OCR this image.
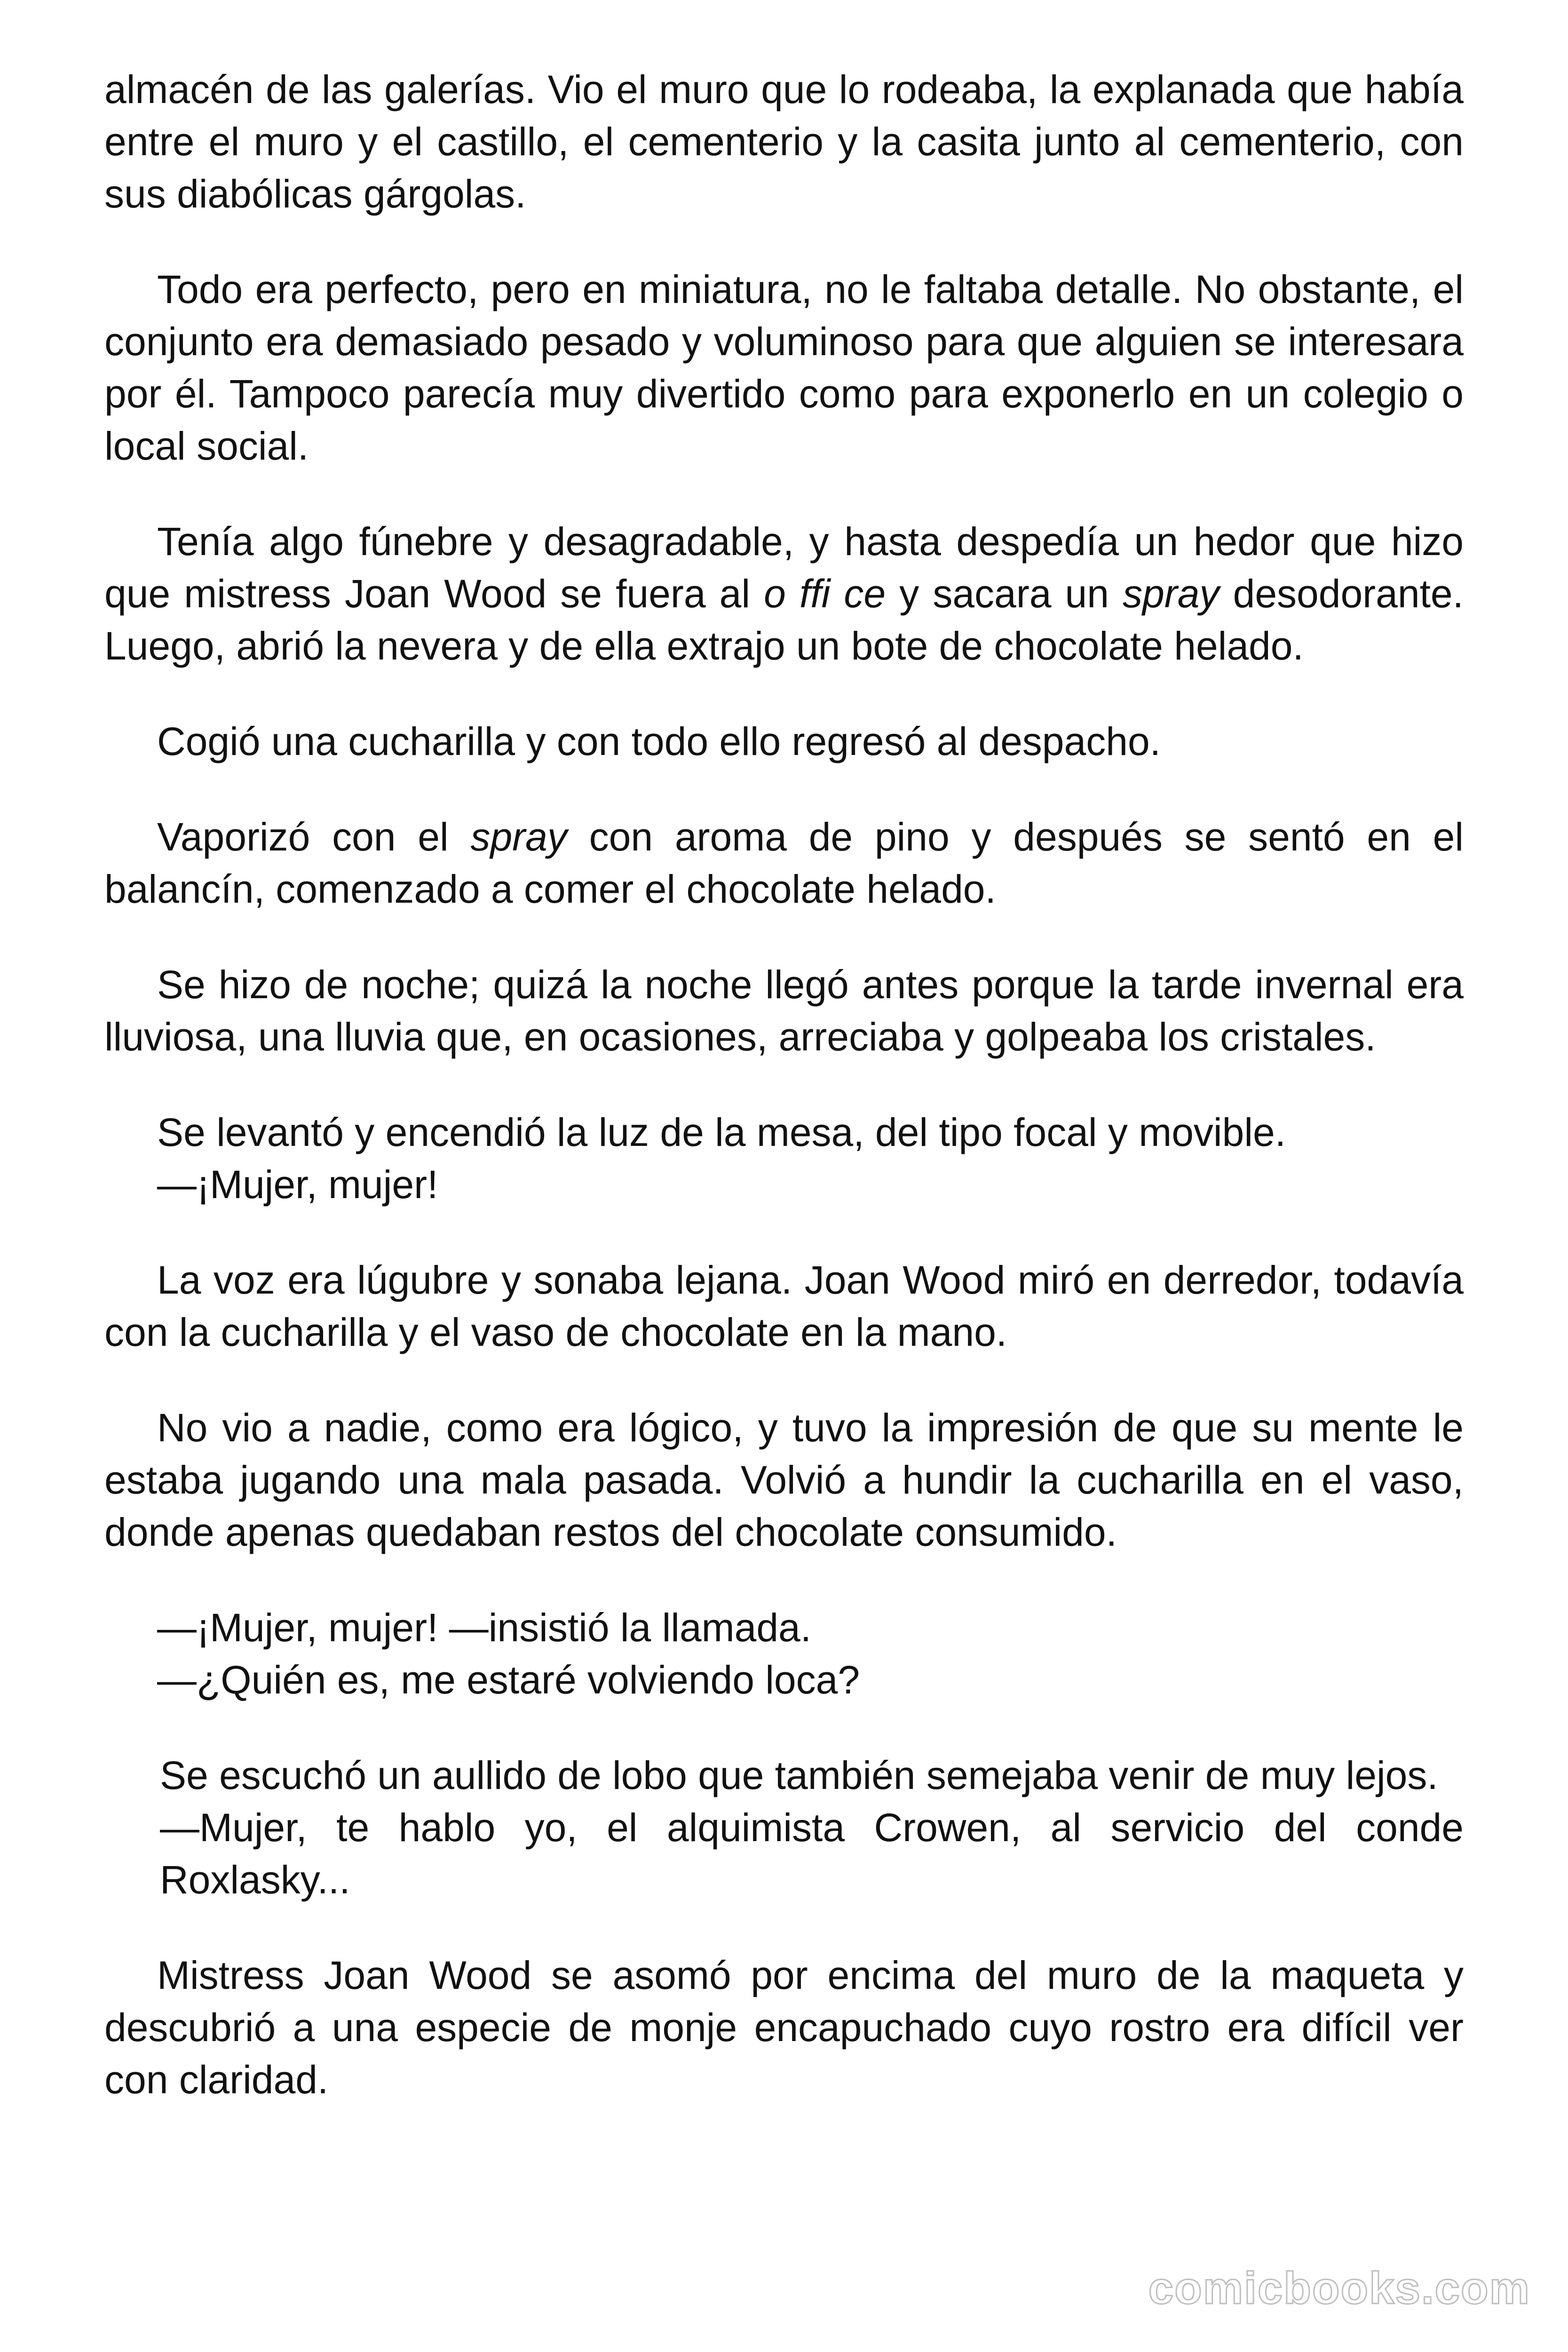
almacén de las galerías. Vio el muro que lo rodeaba, la explanada que había entre el muro y el castillo, el cementerio y la casita junto al cementerio, con sus diabólicas gárgolas.

Todo era perfecto, pero en miniatura, no le faltaba detalle. No obstante, el conjunto era demasiado pesado y voluminoso para que alguien se interesara por él. Tampoco parecía muy divertido como para exponerlo en un colegio o local social.

Tenía algo fúnebre y desagradable, y hasta despedía un hedor que hizo que mistress Joan Wood se fuera al o ffi ce y sacara un spray desodorante. Luego, abrió la nevera y de ella extrajo un bote de chocolate helado.

Cogió una cucharilla y con todo ello regresó al despacho.

Vaporizó con el spray con aroma de pino y después se sentó en el balancín, comenzado a comer el chocolate helado.

Se hizo de noche; quizá la noche llegó antes porque la tarde invernal era lluviosa, una lluvia que, en ocasiones, arreciaba y golpeaba los cristales.

Se levantó y encendió la luz de la mesa, del tipo focal y movible.

—¡Mujer, mujer!

La voz era lúgubre y sonaba lejana. Joan Wood miró en derredor, todavía con la cucharilla y el vaso de chocolate en la mano.

No vio a nadie, como era lógico, y tuvo la impresión de que su mente le estaba jugando una mala pasada. Volvió a hundir la cucharilla en el vaso, donde apenas quedaban restos del chocolate consumido.

—¡Mujer, mujer! —insistió la llamada.

—¿Quién es, me estaré volviendo loca?

Se escuchó un aullido de lobo que también semejaba venir de muy lejos.

—Mujer, te hablo yo, el alquimista Crowen, al servicio del conde Roxlasky...

Mistress Joan Wood se asomó por encima del muro de la maqueta y descubrió a una especie de monje encapuchado cuyo rostro era difícil ver con claridad.

comicbooks.com
